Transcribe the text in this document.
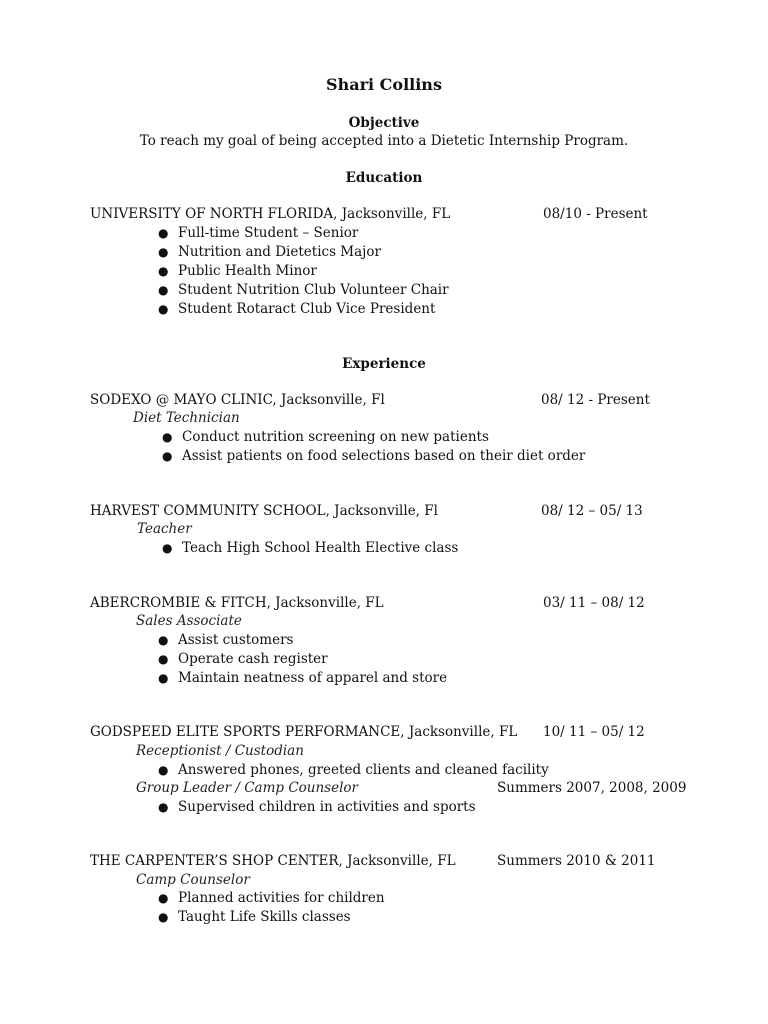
Shari Collins
Objective
To reach my goal of being accepted into a Dietetic Internship Program.
Education
UNIVERSITY OF NORTH FLORIDA, Jacksonville, FL	08/10 - Present
● Full-time Student – Senior
● Nutrition and Dietetics Major
● Public Health Minor
● Student Nutrition Club Volunteer Chair
● Student Rotaract Club Vice President
Experience
SODEXO @ MAYO CLINIC, Jacksonville, Fl	08/ 12 - Present
Diet Technician
● Conduct nutrition screening on new patients
● Assist patients on food selections based on their diet order
HARVEST COMMUNITY SCHOOL, Jacksonville, Fl	08/ 12 – 05/ 13
Teacher
● Teach High School Health Elective class
ABERCROMBIE & FITCH, Jacksonville, FL	03/ 11 – 08/ 12
Sales Associate
● Assist customers
● Operate cash register
● Maintain neatness of apparel and store
GODSPEED ELITE SPORTS PERFORMANCE, Jacksonville, FL 10/ 11 – 05/ 12
Receptionist / Custodian
● Answered phones, greeted clients and cleaned facility
Group Leader / Camp Counselor	Summers 2007, 2008, 2009
● Supervised children in activities and sports
THE CARPENTER’S SHOP CENTER, Jacksonville, FL	Summers 2010 & 2011
Camp Counselor
● Planned activities for children
● Taught Life Skills classes
